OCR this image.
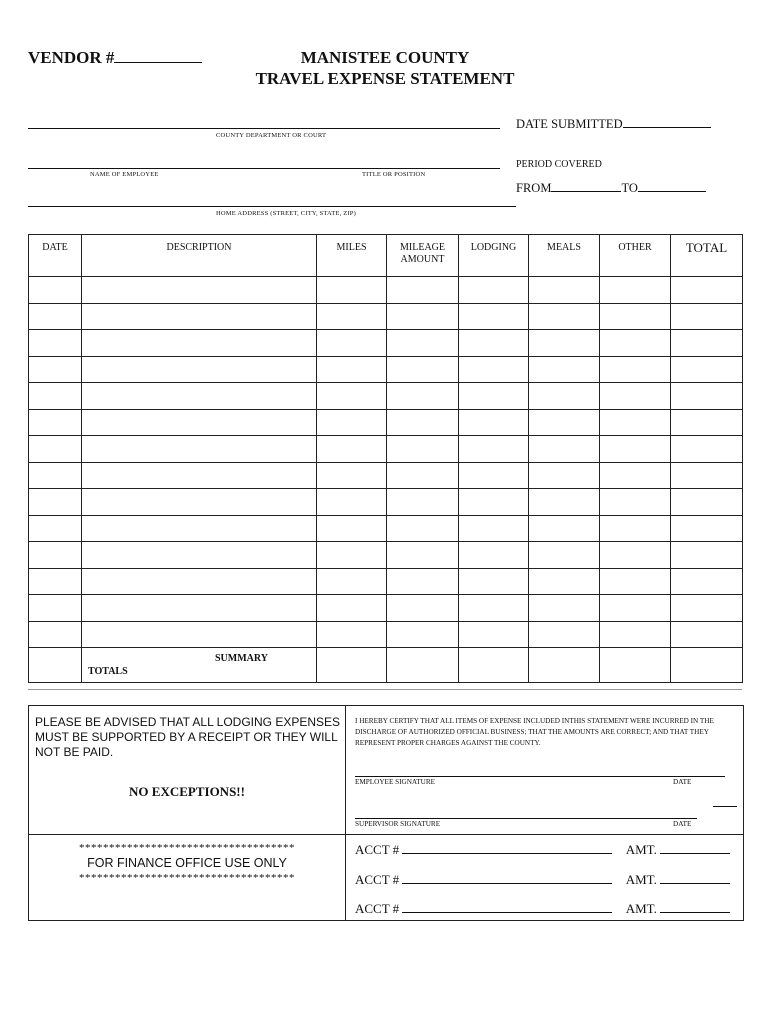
VENDOR #	MANISTEE COUNTY
TRAVEL EXPENSE STATEMENT
COUNTY DEPARTMENT OR COURT
DATE SUBMITTED
NAME OF EMPLOYEE	TITLE OR POSITION
PERIOD COVERED
FROM	TO
HOME ADDRESS (STREET, CITY, STATE, ZIP)
DATE	DESCRIPTION	MILES	MILEAGE AMOUNT	LODGING	MEALS	OTHER	TOTAL

	SUMMARY
TOTALS						

PLEASE BE ADVISED THAT ALL LODGING EXPENSES MUST BE SUPPORTED BY A RECEIPT OR THEY WILL NOT BE PAID.
NO EXCEPTIONS!!
************************************
FOR FINANCE OFFICE USE ONLY
************************************
I HEREBY CERTIFY THAT ALL ITEMS OF EXPENSE INCLUDED INTHIS STATEMENT WERE INCURRED IN THE DISCHARGE OF AUTHORIZED OFFICIAL BUSINESS; THAT THE AMOUNTS ARE CORRECT; AND THAT THEY REPRESENT PROPER CHARGES AGAINST THE COUNTY.
EMPLOYEE SIGNATURE	DATE
SUPERVISOR SIGNATURE	DATE
ACCT #	AMT.
ACCT #	AMT.
ACCT #	AMT.
